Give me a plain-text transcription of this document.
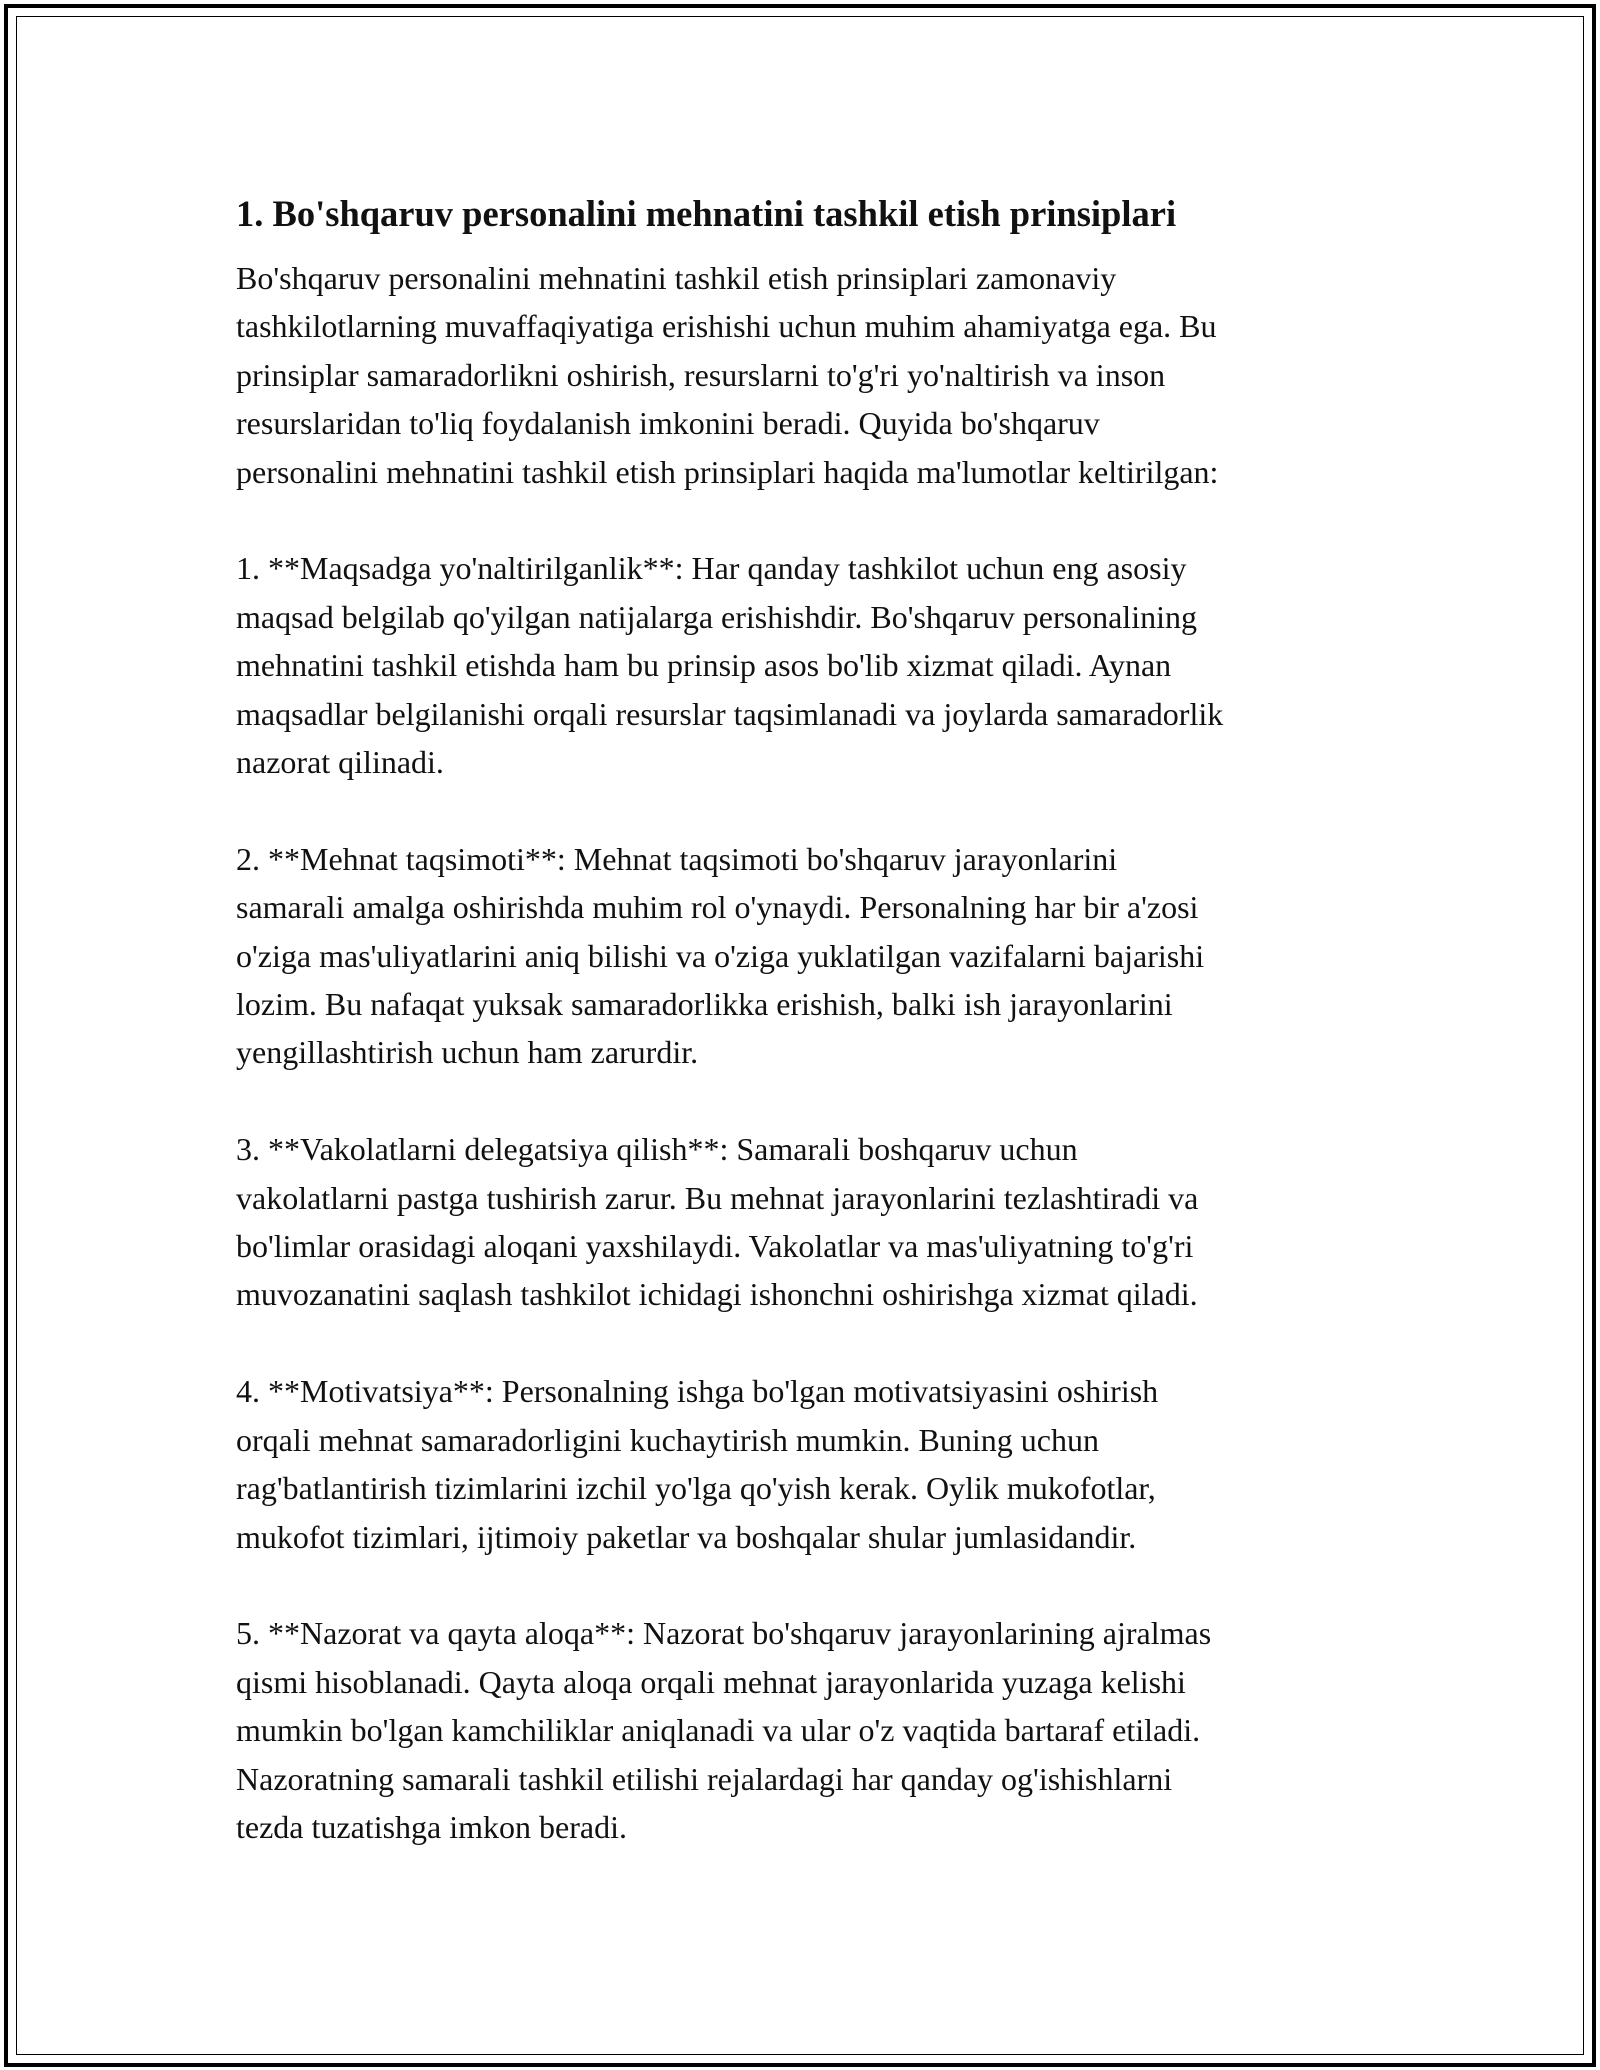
1. Bo'shqaruv personalini mehnatini tashkil etish prinsiplari

Bo'shqaruv personalini mehnatini tashkil etish prinsiplari zamonaviy
tashkilotlarning muvaffaqiyatiga erishishi uchun muhim ahamiyatga ega. Bu
prinsiplar samaradorlikni oshirish, resurslarni to'g'ri yo'naltirish va inson
resurslaridan to'liq foydalanish imkonini beradi. Quyida bo'shqaruv
personalini mehnatini tashkil etish prinsiplari haqida ma'lumotlar keltirilgan:

1. **Maqsadga yo'naltirilganlik**: Har qanday tashkilot uchun eng asosiy
maqsad belgilab qo'yilgan natijalarga erishishdir. Bo'shqaruv personalining
mehnatini tashkil etishda ham bu prinsip asos bo'lib xizmat qiladi. Aynan
maqsadlar belgilanishi orqali resurslar taqsimlanadi va joylarda samaradorlik
nazorat qilinadi.

2. **Mehnat taqsimoti**: Mehnat taqsimoti bo'shqaruv jarayonlarini
samarali amalga oshirishda muhim rol o'ynaydi. Personalning har bir a'zosi
o'ziga mas'uliyatlarini aniq bilishi va o'ziga yuklatilgan vazifalarni bajarishi
lozim. Bu nafaqat yuksak samaradorlikka erishish, balki ish jarayonlarini
yengillashtirish uchun ham zarurdir.

3. **Vakolatlarni delegatsiya qilish**: Samarali boshqaruv uchun
vakolatlarni pastga tushirish zarur. Bu mehnat jarayonlarini tezlashtiradi va
bo'limlar orasidagi aloqani yaxshilaydi. Vakolatlar va mas'uliyatning to'g'ri
muvozanatini saqlash tashkilot ichidagi ishonchni oshirishga xizmat qiladi.

4. **Motivatsiya**: Personalning ishga bo'lgan motivatsiyasini oshirish
orqali mehnat samaradorligini kuchaytirish mumkin. Buning uchun
rag'batlantirish tizimlarini izchil yo'lga qo'yish kerak. Oylik mukofotlar,
mukofot tizimlari, ijtimoiy paketlar va boshqalar shular jumlasidandir.

5. **Nazorat va qayta aloqa**: Nazorat bo'shqaruv jarayonlarining ajralmas
qismi hisoblanadi. Qayta aloqa orqali mehnat jarayonlarida yuzaga kelishi
mumkin bo'lgan kamchiliklar aniqlanadi va ular o'z vaqtida bartaraf etiladi.
Nazoratning samarali tashkil etilishi rejalardagi har qanday og'ishishlarni
tezda tuzatishga imkon beradi.
